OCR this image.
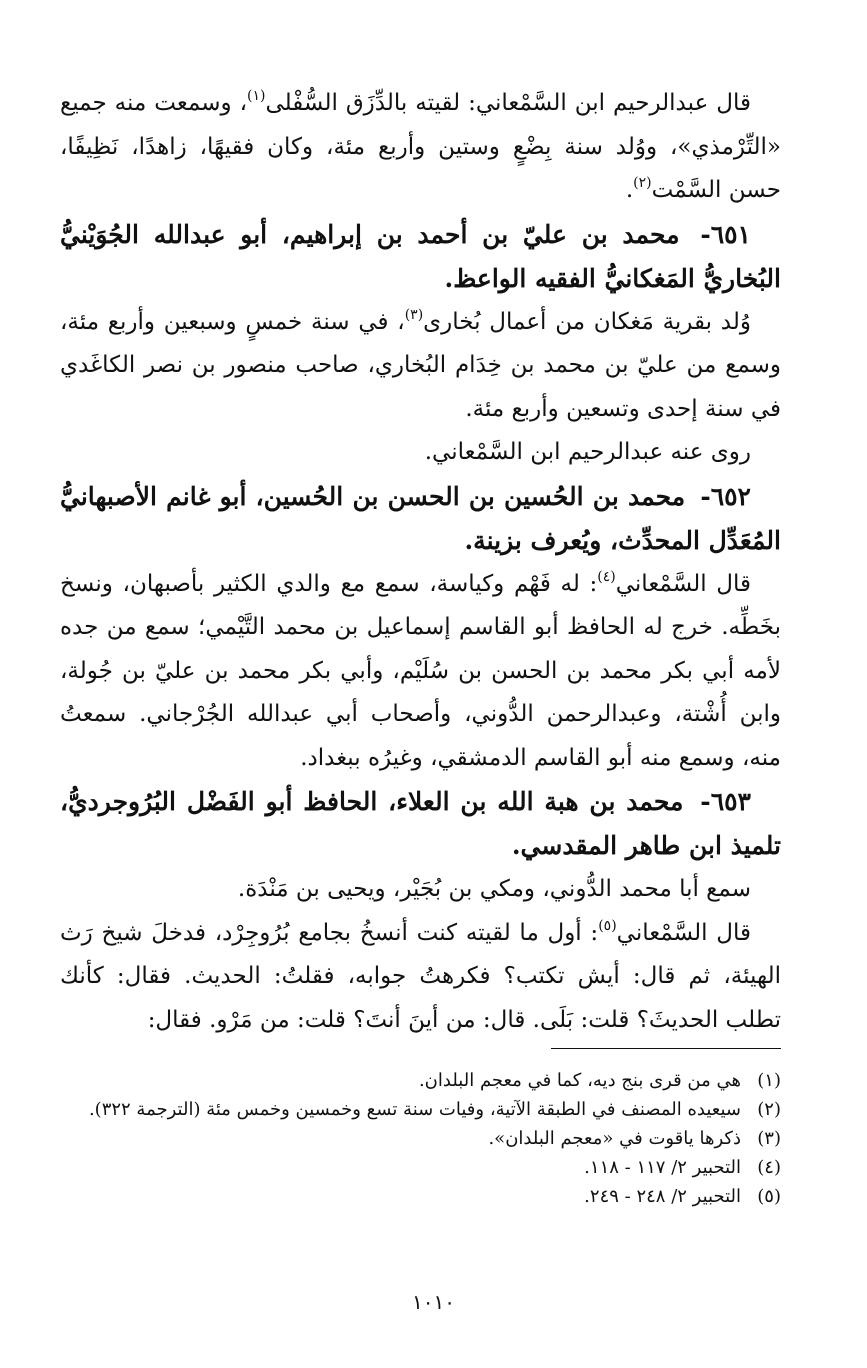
قال عبدالرحيم ابن السَّمْعاني: لقيته بالدِّزَق السُّفْلى$^{(١)}$، وسمعت منه جميع «التِّرْمذي»، ووُلد سنة بِضْعٍ وستين وأربع مئة، وكان فقيهًا، زاهدًا، نَظِيفًا، حسن السَّمْت$^{(٢)}$.

٦٥١- محمد بن عليّ بن أحمد بن إبراهيم، أبو عبدالله الجُوَيْنيُّ البُخاريُّ المَغكانيُّ الفقيه الواعظ.

وُلد بقرية مَغكان من أعمال بُخارى$^{(٣)}$، في سنة خمسٍ وسبعين وأربع مئة، وسمع من عليّ بن محمد بن خِدَام البُخاري، صاحب منصور بن نصر الكاغَدي في سنة إحدى وتسعين وأربع مئة.

روى عنه عبدالرحيم ابن السَّمْعاني.

٦٥٢- محمد بن الحُسين بن الحسن بن الحُسين، أبو غانم الأصبهانيُّ المُعَدِّل المحدِّث، ويُعرف بزينة.

قال السَّمْعاني$^{(٤)}$: له فَهْم وكياسة، سمع مع والدي الكثير بأصبهان، ونسخ بخَطِّه. خرج له الحافظ أبو القاسم إسماعيل بن محمد التَّيْمي؛ سمع من جده لأمه أبي بكر محمد بن الحسن بن سُلَيْم، وأبي بكر محمد بن عليّ بن جُولة، وابن أُشْتة، وعبدالرحمن الدُّوني، وأصحاب أبي عبدالله الجُرْجاني. سمعتُ منه، وسمع منه أبو القاسم الدمشقي، وغيرُه ببغداد.

٦٥٣- محمد بن هبة الله بن العلاء، الحافظ أبو الفَضْل البُرُوجرديُّ، تلميذ ابن طاهر المقدسي.

سمع أبا محمد الدُّوني، ومكي بن بُجَيْر، ويحيى بن مَنْدَة.

قال السَّمْعاني$^{(٥)}$: أول ما لقيته كنت أنسخُ بجامع بُرُوجِرْد، فدخلَ شيخ رَث الهيئة، ثم قال: أيش تكتب؟ فكرهتُ جوابه، فقلتُ: الحديث. فقال: كأنك تطلب الحديثَ؟ قلت: بَلَى. قال: من أينَ أنتَ؟ قلت: من مَرْو. فقال:

(١)
هي من قرى بنج ديه، كما في معجم البلدان.
(٢)
سيعيده المصنف في الطبقة الآتية، وفيات سنة تسع وخمسين وخمس مئة (الترجمة ٣٢٢).
(٣)
ذكرها ياقوت في «معجم البلدان».
(٤)
التحبير ٢/ ١١٧ - ١١٨.
(٥)
التحبير ٢/ ٢٤٨ - ٢٤٩.
١٠١٠
